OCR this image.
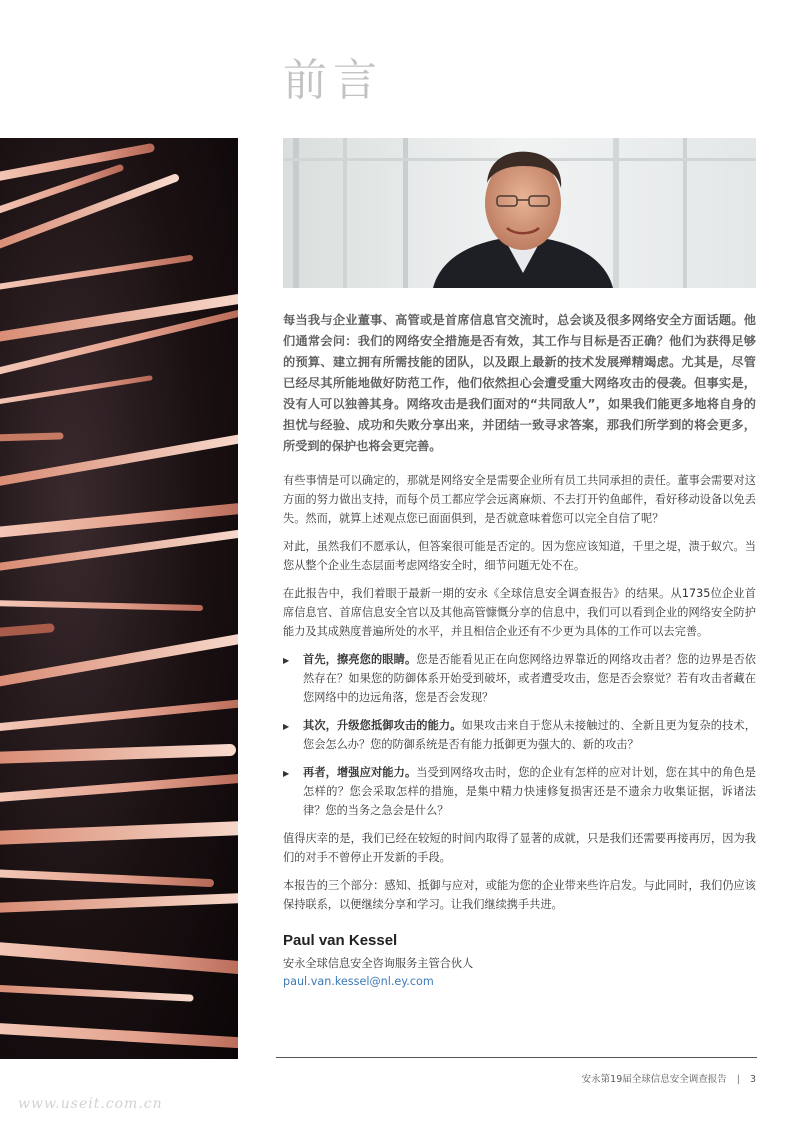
前言

每当我与企业董事、高管或是首席信息官交流时，总会谈及很多网络安全方面话题。他们通常会问：我们的网络安全措施是否有效，其工作与目标是否正确？他们为获得足够的预算、建立拥有所需技能的团队，以及跟上最新的技术发展殚精竭虑。尤其是，尽管已经尽其所能地做好防范工作，他们依然担心会遭受重大网络攻击的侵袭。但事实是，没有人可以独善其身。网络攻击是我们面对的“共同敌人”，如果我们能更多地将自身的担忧与经验、成功和失败分享出来，并团结一致寻求答案，那我们所学到的将会更多，所受到的保护也将会更完善。

有些事情是可以确定的，那就是网络安全是需要企业所有员工共同承担的责任。董事会需要对这方面的努力做出支持，而每个员工都应学会远离麻烦、不去打开钓鱼邮件，看好移动设备以免丢失。然而，就算上述观点您已面面俱到，是否就意味着您可以完全自信了呢？

对此，虽然我们不愿承认，但答案很可能是否定的。因为您应该知道，千里之堤，溃于蚁穴。当您从整个企业生态层面考虑网络安全时，细节问题无处不在。

在此报告中，我们着眼于最新一期的安永《全球信息安全调查报告》的结果。从1735位企业首席信息官、首席信息安全官以及其他高管慷慨分享的信息中，我们可以看到企业的网络安全防护能力及其成熟度普遍所处的水平，并且相信企业还有不少更为具体的工作可以去完善。

▶ 首先，擦亮您的眼睛。您是否能看见正在向您网络边界靠近的网络攻击者？您的边界是否依然存在？如果您的防御体系开始受到破坏，或者遭受攻击，您是否会察觉？若有攻击者藏在您网络中的边远角落，您是否会发现？
▶ 其次，升级您抵御攻击的能力。如果攻击来自于您从未接触过的、全新且更为复杂的技术，您会怎么办？您的防御系统是否有能力抵御更为强大的、新的攻击？
▶ 再者，增强应对能力。当受到网络攻击时，您的企业有怎样的应对计划，您在其中的角色是怎样的？您会采取怎样的措施，是集中精力快速修复损害还是不遗余力收集证据，诉诸法律？您的当务之急会是什么？

值得庆幸的是，我们已经在较短的时间内取得了显著的成就，只是我们还需要再接再厉，因为我们的对手不曾停止开发新的手段。

本报告的三个部分：感知、抵御与应对，或能为您的企业带来些许启发。与此同时，我们仍应该保持联系，以便继续分享和学习。让我们继续携手共进。

Paul van Kessel
安永全球信息安全咨询服务主管合伙人
paul.van.kessel@nl.ey.com
安永第19届全球信息安全调查报告 | 3
www.useit.com.cn
